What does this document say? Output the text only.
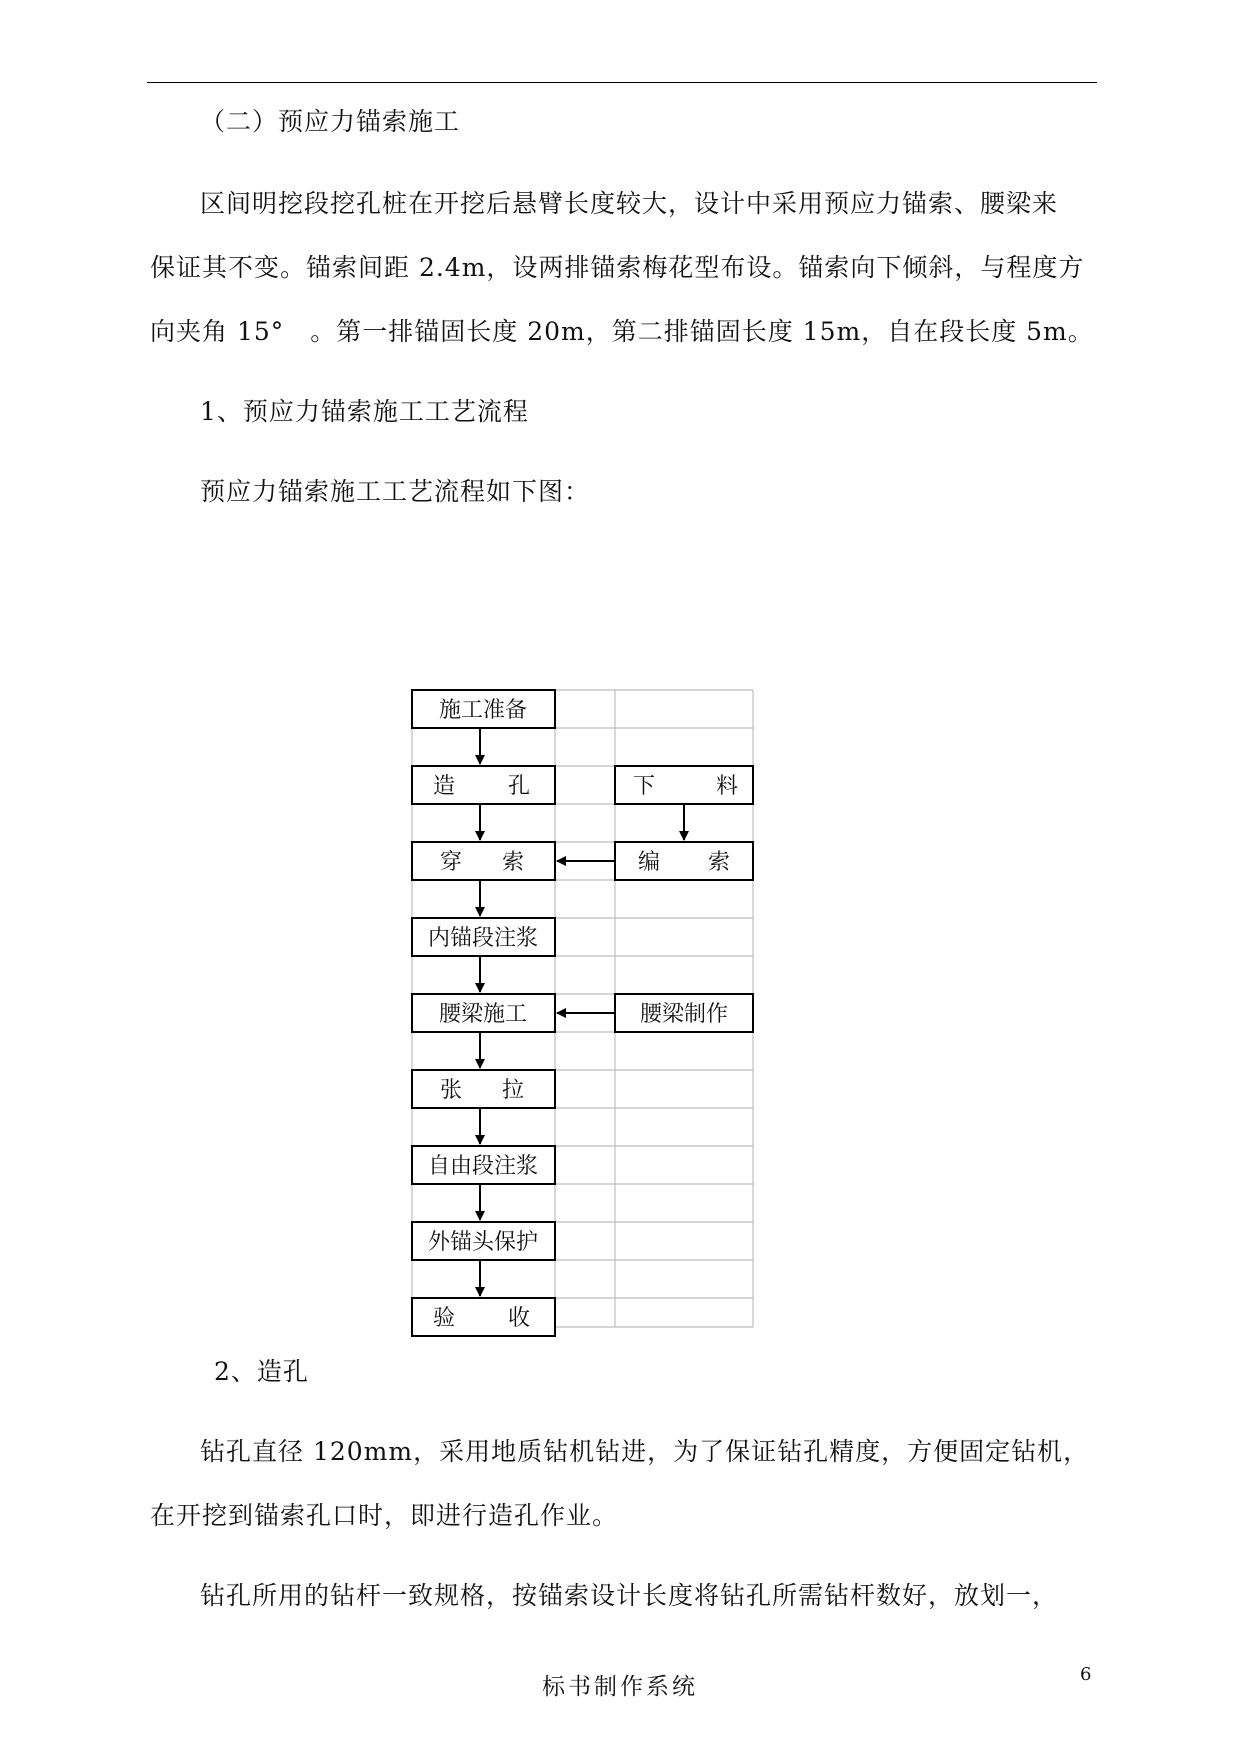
（二）预应力锚索施工
区间明挖段挖孔桩在开挖后悬臂长度较大，设计中采用预应力锚索、腰梁来
保证其不变。锚索间距 2.4m，设两排锚索梅花型布设。锚索向下倾斜，与程度方
向夹角 15°　。第一排锚固长度 20m，第二排锚固长度 15m，自在段长度 5m。
1、预应力锚索施工工艺流程
预应力锚索施工工艺流程如下图：
施工准备
造 孔
穿 索
内锚段注浆
腰梁施工
张 拉
自由段注浆
外锚头保护
验 收
下	料
编 索
腰梁制作
2、造孔
钻孔直径 120mm，采用地质钻机钻进，为了保证钻孔精度，方便固定钻机，
在开挖到锚索孔口时，即进行造孔作业。
钻孔所用的钻杆一致规格，按锚索设计长度将钻孔所需钻杆数好，放划一，
标书制作系统	6
